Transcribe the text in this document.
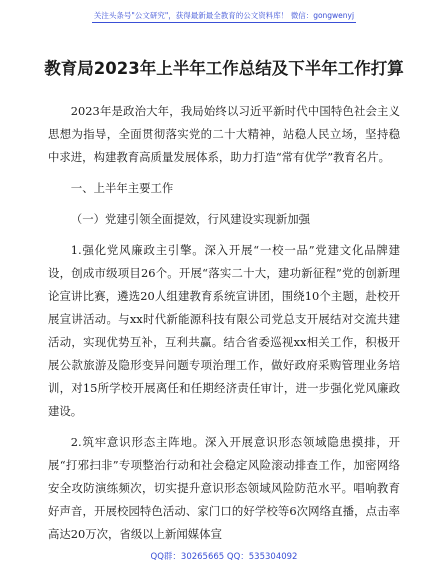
关注头条号"公文研究"，获得最新最全教育的公文资料库！ 微信：gongwenyj
教育局2023年上半年工作总结及下半年工作打算

2023年是政治大年，我局始终以习近平新时代中国特色社会主义思想为指导，全面贯彻落实党的二十大精神，站稳人民立场，坚持稳中求进，构建教育高质量发展体系，助力打造“常有优学”教育名片。

一、上半年主要工作

（一）党建引领全面提效，行风建设实现新加强

1.强化党风廉政主引擎。深入开展“一校一品”党建文化品牌建设，创成市级项目26个。开展“落实二十大，建功新征程”党的创新理论宣讲比赛，遴选20人组建教育系统宣讲团，围绕10个主题，赴校开展宣讲活动。与xx时代新能源科技有限公司党总支开展结对交流共建活动，实现优势互补，互利共赢。结合省委巡视xx相关工作，积极开展公款旅游及隐形变异问题专项治理工作，做好政府采购管理业务培训，对15所学校开展离任和任期经济责任审计，进一步强化党风廉政建设。

2.筑牢意识形态主阵地。深入开展意识形态领域隐患摸排，开展“打邪扫非”专项整治行动和社会稳定风险滚动排查工作，加密网络安全攻防演练频次，切实提升意识形态领域风险防范水平。唱响教育好声音，开展校园特色活动、家门口的好学校等6次网络直播，点击率高达20万次，省级以上新闻媒体宣

QQ群：30265665 QQ：535304092
